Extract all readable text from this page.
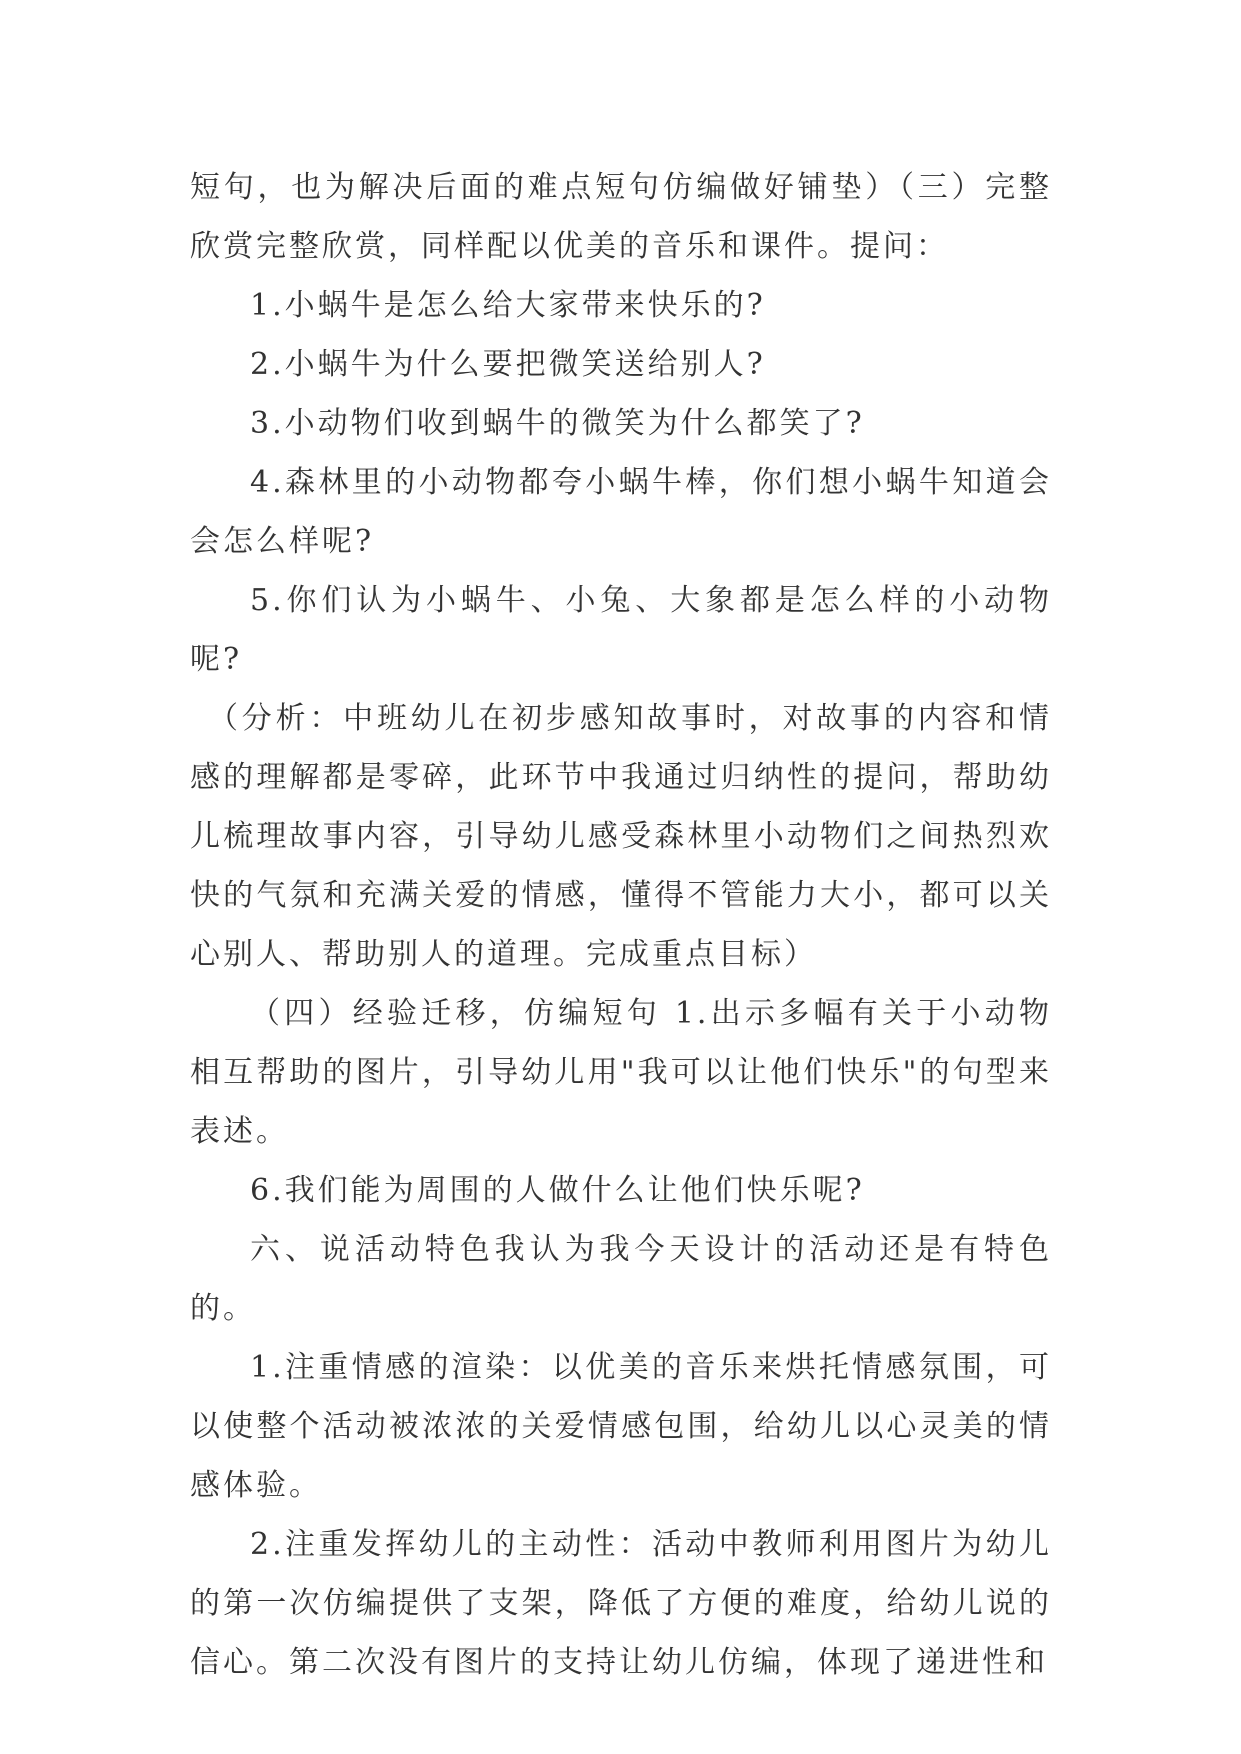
短句，也为解决后面的难点短句仿编做好铺垫）（三）完整欣赏完整欣赏，同样配以优美的音乐和课件。提问：

1.小蜗牛是怎么给大家带来快乐的?

2.小蜗牛为什么要把微笑送给别人?

3.小动物们收到蜗牛的微笑为什么都笑了?

4.森林里的小动物都夸小蜗牛棒，你们想小蜗牛知道会会怎么样呢?

5.你们认为小蜗牛、小兔、大象都是怎么样的小动物呢?

（分析：中班幼儿在初步感知故事时，对故事的内容和情感的理解都是零碎，此环节中我通过归纳性的提问，帮助幼儿梳理故事内容，引导幼儿感受森林里小动物们之间热烈欢快的气氛和充满关爱的情感，懂得不管能力大小，都可以关心别人、帮助别人的道理。完成重点目标）

（四）经验迁移，仿编短句 1.出示多幅有关于小动物相互帮助的图片，引导幼儿用"我可以让他们快乐"的句型来表述。

6.我们能为周围的人做什么让他们快乐呢?

六、说活动特色我认为我今天设计的活动还是有特色的。

1.注重情感的渲染：以优美的音乐来烘托情感氛围，可以使整个活动被浓浓的关爱情感包围，给幼儿以心灵美的情感体验。

2.注重发挥幼儿的主动性：活动中教师利用图片为幼儿的第一次仿编提供了支架，降低了方便的难度，给幼儿说的信心。第二次没有图片的支持让幼儿仿编，体现了递进性和
